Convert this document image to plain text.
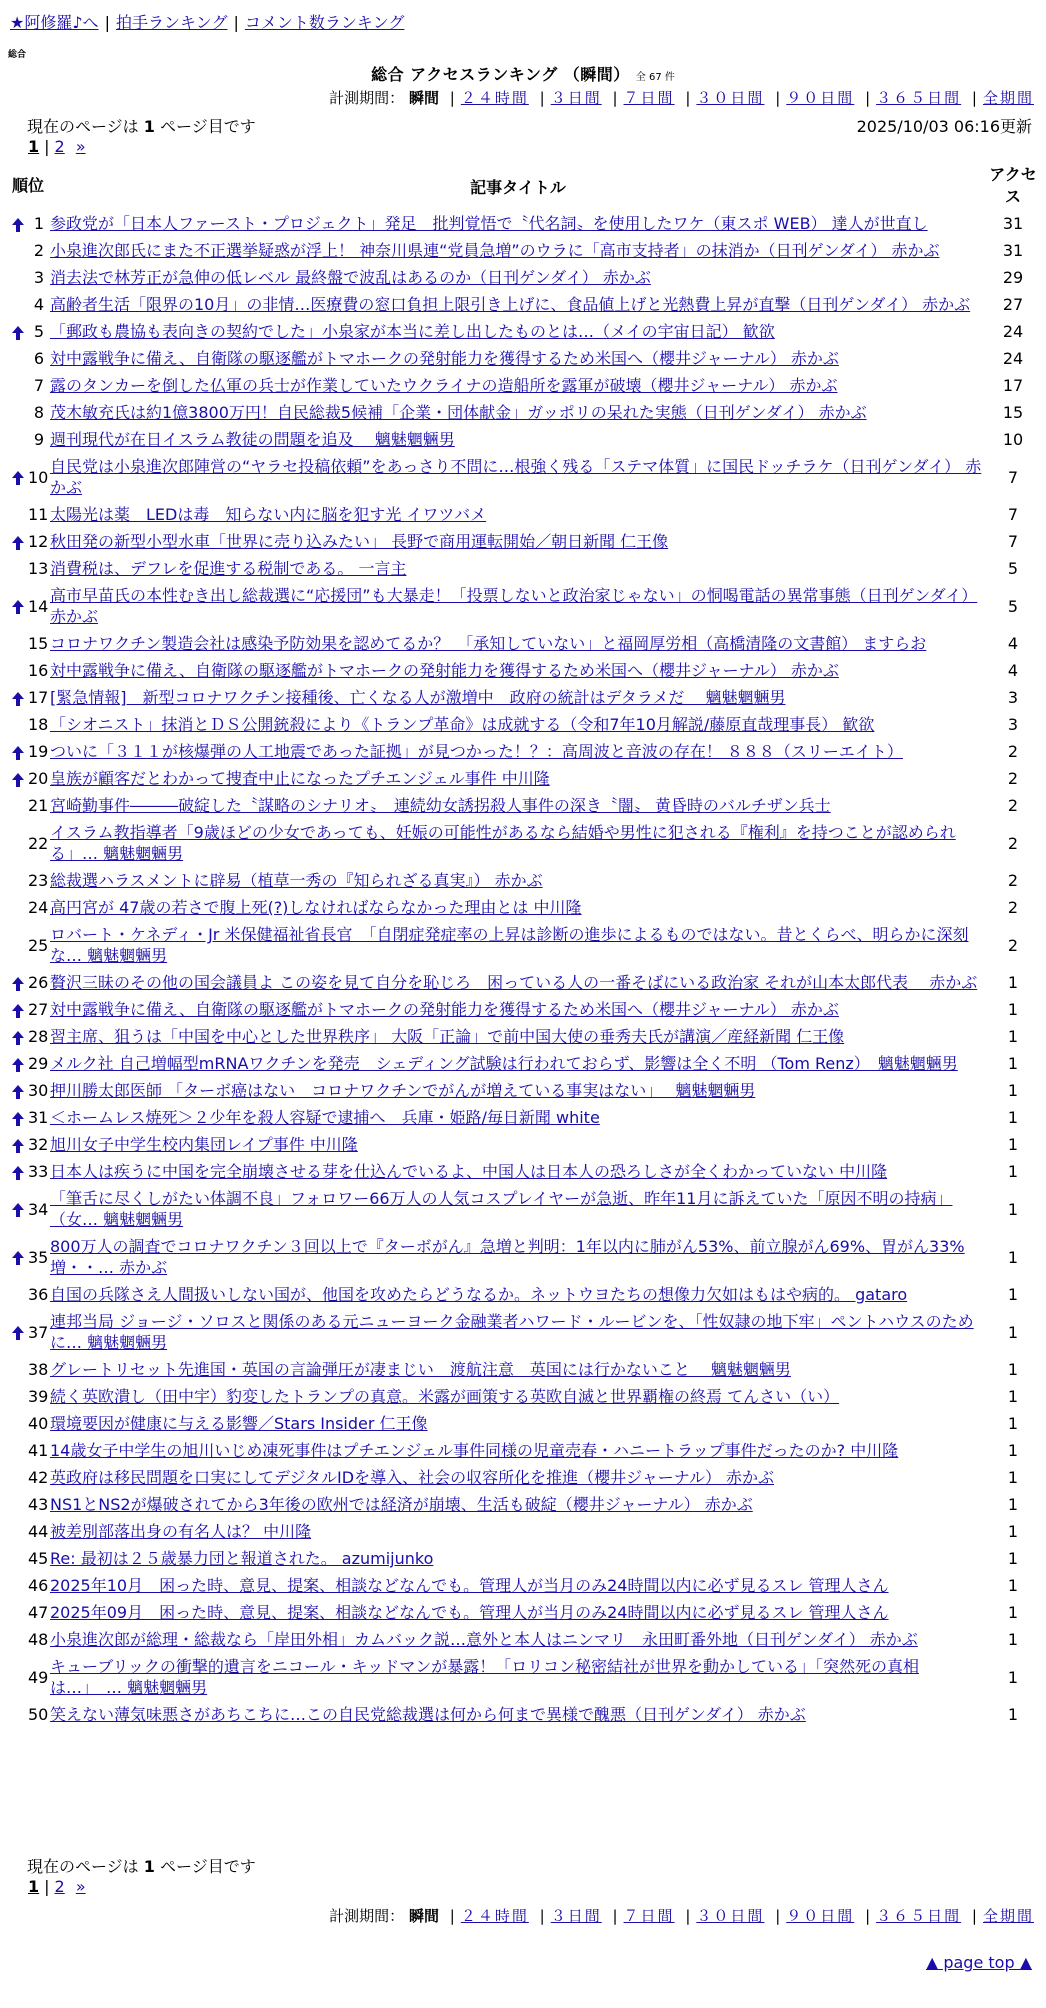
★阿修羅♪へ | 拍手ランキング | コメント数ランキング
総合
総合 アクセスランキング （瞬間） 全 67 件
計測期間： 瞬間 | ２４時間 | ３日間 | ７日間 | ３０日間 | ９０日間 | ３６５日間 | 全期間
現在のページは 1 ページ目です	2025/10/03 06:16更新
1 | 2 »
順位		記事タイトル	アクセス
	1	参政党が「日本人ファースト・プロジェクト」発足　批判覚悟で〝代名詞〟を使用したワケ（東スポ WEB） 達人が世直し	31
	2	小泉進次郎氏にまた不正選挙疑惑が浮上！ 神奈川県連“党員急増”のウラに「高市支持者」の抹消か（日刊ゲンダイ） 赤かぶ	31
	3	消去法で林芳正が急伸の低レベル 最終盤で波乱はあるのか（日刊ゲンダイ） 赤かぶ	29
	4	高齢者生活「限界の10月」の非情…医療費の窓口負担上限引き上げに、食品値上げと光熱費上昇が直撃（日刊ゲンダイ） 赤かぶ	27
	5	「郵政も農協も表向きの契約でした」小泉家が本当に差し出したものとは…（メイの宇宙日記） 歓欲	24
	6	対中露戦争に備え、自衛隊の駆逐艦がトマホークの発射能力を獲得するため米国へ（櫻井ジャーナル） 赤かぶ	24
	7	露のタンカーを倒した仏軍の兵士が作業していたウクライナの造船所を露軍が破壊（櫻井ジャーナル） 赤かぶ	17
	8	茂木敏充氏は約1億3800万円！自民総裁5候補「企業・団体献金」ガッポリの呆れた実態（日刊ゲンダイ） 赤かぶ	15
	9	週刊現代が在日イスラム教徒の問題を追及　 魑魅魍魎男	10
	10	自民党は小泉進次郎陣営の“ヤラセ投稿依頼”をあっさり不問に…根強く残る「ステマ体質」に国民ドッチラケ（日刊ゲンダイ） 赤かぶ	7
	11	太陽光は薬　LEDは毒　知らない内に脳を犯す光 イワツバメ	7
	12	秋田発の新型小型水車「世界に売り込みたい」 長野で商用運転開始／朝日新聞 仁王像	7
	13	消費税は、デフレを促進する税制である。 一言主	5
	14	高市早苗氏の本性むき出し総裁選に“応援団”も大暴走！「投票しないと政治家じゃない」の恫喝電話の異常事態（日刊ゲンダイ） 赤かぶ	5
	15	コロナワクチン製造会社は感染予防効果を認めてるか？　「承知していない」と福岡厚労相（高橋清隆の文書館） ますらお	4
	16	対中露戦争に備え、自衛隊の駆逐艦がトマホークの発射能力を獲得するため米国へ（櫻井ジャーナル） 赤かぶ	4
	17	[緊急情報]　新型コロナワクチン接種後、亡くなる人が激増中　政府の統計はデタラメだ　 魑魅魍魎男	3
	18	「シオニスト」抹消とＤＳ公開銃殺により《トランプ革命》は成就する（令和7年10月解説/藤原直哉理事長） 歓欲	3
	19	ついに「３１１が核爆弾の人工地震であった証拠」が見つかった！？：高周波と音波の存在！ ８８８（スリーエイト）	2
	20	皇族が顧客だとわかって捜査中止になったプチエンジェル事件 中川隆	2
	21	宮崎勤事件―――破綻した〝謀略のシナリオ〟　連続幼女誘拐殺人事件の深き〝闇〟 黄昏時のバルチザン兵士	2
	22	イスラム教指導者「9歳ほどの少女であっても、妊娠の可能性があるなら結婚や男性に犯される『権利』を持つことが認められる」… 魑魅魍魎男	2
	23	総裁選ハラスメントに辟易（植草一秀の『知られざる真実』） 赤かぶ	2
	24	高円宮が 47歳の若さで腹上死(?)しなければならなかった理由とは 中川隆	2
	25	ロバート・ケネディ・Jr 米保健福祉省長官　「自閉症発症率の上昇は診断の進歩によるものではない。昔とくらべ、明らかに深刻な… 魑魅魍魎男	2
	26	贅沢三昧のその他の国会議員よ この姿を見て自分を恥じろ　困っている人の一番そばにいる政治家 それが山本太郎代表　 赤かぶ	1
	27	対中露戦争に備え、自衛隊の駆逐艦がトマホークの発射能力を獲得するため米国へ（櫻井ジャーナル） 赤かぶ	1
	28	習主席、狙うは「中国を中心とした世界秩序」 大阪「正論」で前中国大使の垂秀夫氏が講演／産経新聞 仁王像	1
	29	メルク社 自己増幅型mRNAワクチンを発売　シェディング試験は行われておらず、影響は全く不明 （Tom Renz）　魑魅魍魎男	1
	30	押川勝太郎医師 「ターボ癌はない　コロナワクチンでがんが増えている事実はない」　 魑魅魍魎男	1
	31	＜ホームレス焼死＞２少年を殺人容疑で逮捕へ　兵庫・姫路/毎日新聞 white	1
	32	旭川女子中学生校内集団レイプ事件 中川隆	1
	33	日本人は疾うに中国を完全崩壊させる芽を仕込んでいるよ、中国人は日本人の恐ろしさが全くわかっていない 中川隆	1
	34	「筆舌に尽くしがたい体調不良」フォロワー66万人の人気コスプレイヤーが急逝、昨年11月に訴えていた「原因不明の持病」（女… 魑魅魍魎男	1
	35	800万人の調査でコロナワクチン３回以上で『ターボがん』急増と判明：1年以内に肺がん53%、前立腺がん69%、胃がん33%増・・… 赤かぶ	1
	36	自国の兵隊さえ人間扱いしない国が、他国を攻めたらどうなるか。ネットウヨたちの想像力欠如はもはや病的。 gataro	1
	37	連邦当局 ジョージ・ソロスと関係のある元ニューヨーク金融業者ハワード・ルービンを、「性奴隷の地下牢」ペントハウスのために… 魑魅魍魎男	1
	38	グレートリセット先進国・英国の言論弾圧が凄まじい　渡航注意　英国には行かないこと　 魑魅魍魎男	1
	39	続く英欧潰し（田中宇）豹変したトランプの真意。米露が画策する英欧自滅と世界覇権の終焉 てんさい（い）	1
	40	環境要因が健康に与える影響／Stars Insider 仁王像	1
	41	14歳女子中学生の旭川いじめ凍死事件はプチエンジェル事件同様の児童売春・ハニートラップ事件だったのか? 中川隆	1
	42	英政府は移民問題を口実にしてデジタルIDを導入、社会の収容所化を推進（櫻井ジャーナル） 赤かぶ	1
	43	NS1とNS2が爆破されてから3年後の欧州では経済が崩壊、生活も破綻（櫻井ジャーナル） 赤かぶ	1
	44	被差別部落出身の有名人は？ 中川隆	1
	45	Re: 最初は２５歳暴力団と報道された。 azumijunko	1
	46	2025年10月　困った時、意見、提案、相談などなんでも。管理人が当月のみ24時間以内に必ず見るスレ 管理人さん	1
	47	2025年09月　困った時、意見、提案、相談などなんでも。管理人が当月のみ24時間以内に必ず見るスレ 管理人さん	1
	48	小泉進次郎が総理・総裁なら「岸田外相」カムバック説…意外と本人はニンマリ　永田町番外地（日刊ゲンダイ） 赤かぶ	1
	49	キューブリックの衝撃的遺言をニコール・キッドマンが暴露！「ロリコン秘密結社が世界を動かしている」「突然死の真相は…」　… 魑魅魍魎男	1
	50	笑えない薄気味悪さがあちこちに…この自民党総裁選は何から何まで異様で醜悪（日刊ゲンダイ） 赤かぶ	1
現在のページは 1 ページ目です
1 | 2 »
計測期間： 瞬間 | ２４時間 | ３日間 | ７日間 | ３０日間 | ９０日間 | ３６５日間 | 全期間
▲ page top ▲
